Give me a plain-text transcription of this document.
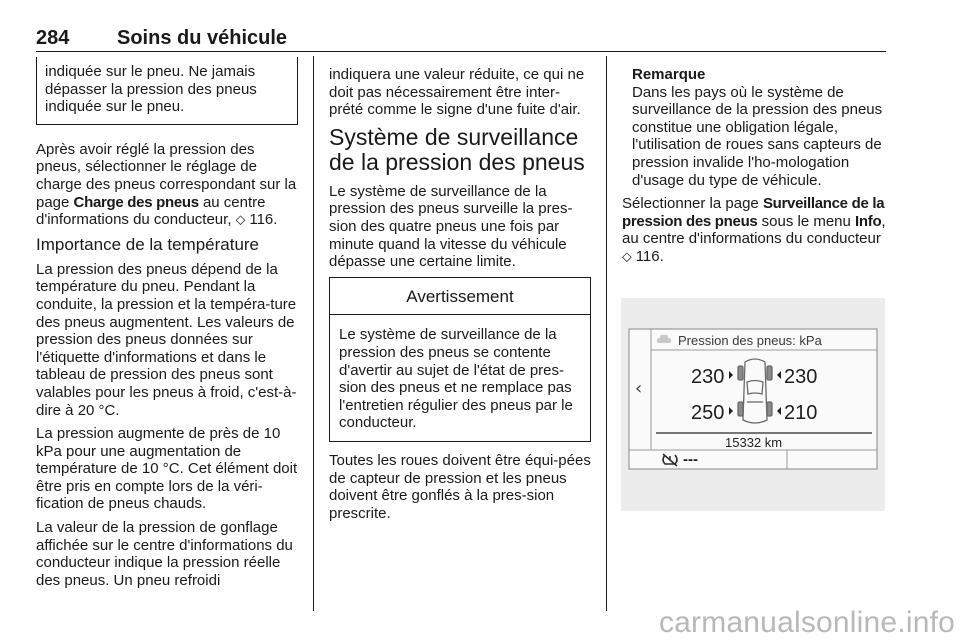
284 Soins du véhicule
indiquée sur le pneu. Ne jamais dépasser la pression des pneus indiquée sur le pneu.

Après avoir réglé la pression des pneus, sélectionner le réglage de charge des pneus correspondant sur la page Charge des pneus au centre d'informations du conducteur, ⬦ 116.

Importance de la température

La pression des pneus dépend de la température du pneu. Pendant la conduite, la pression et la tempéra-ture des pneus augmentent. Les valeurs de pression des pneus données sur l'étiquette d'informations et dans le tableau de pression des pneus sont valables pour les pneus à froid, c'est-à-dire à 20 °C.

La pression augmente de près de 10 kPa pour une augmentation de température de 10 °C. Cet élément doit être pris en compte lors de la véri-fication de pneus chauds.

La valeur de la pression de gonflage affichée sur le centre d'informations du conducteur indique la pression réelle des pneus. Un pneu refroidi

indiquera une valeur réduite, ce qui ne doit pas nécessairement être inter-prété comme le signe d'une fuite d'air.

Système de surveillance de la pression des pneus

Le système de surveillance de la pression des pneus surveille la pres-sion des quatre pneus une fois par minute quand la vitesse du véhicule dépasse une certaine limite.

Avertissement
Le système de surveillance de la pression des pneus se contente d'avertir au sujet de l'état de pres-sion des pneus et ne remplace pas l'entretien régulier des pneus par le conducteur.

Toutes les roues doivent être équi-pées de capteur de pression et les pneus doivent être gonflés à la pres-sion prescrite.

Remarque
Dans les pays où le système de surveillance de la pression des pneus constitue une obligation légale, l'utilisation de roues sans capteurs de pression invalide l'ho-mologation d'usage du type de véhicule.

Sélectionner la page Surveillance de la pression des pneus sous le menu Info, au centre d'informations du conducteur ⬦ 116.

‹
Pression des pneus: kPa
230	230
250	210
15332 km
---
carmanualsonline.info
